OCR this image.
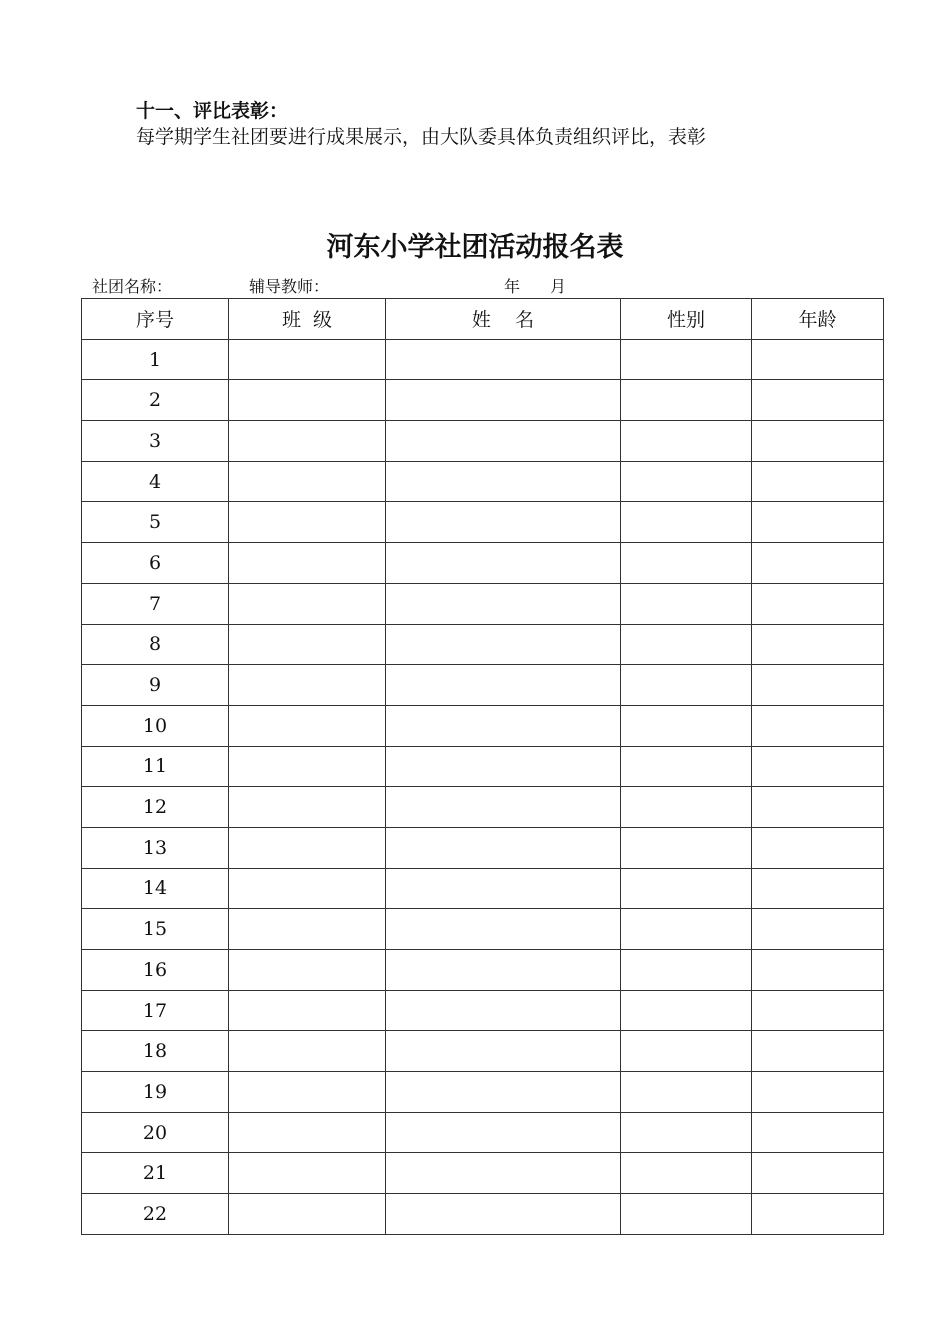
十一、评比表彰：
每学期学生社团要进行成果展示，由大队委具体负责组织评比，表彰
河东小学社团活动报名表
社团名称：	辅导教师：	年 月
序号	班  级	姓    名	性别	年龄
1				
2				
3				
4				
5				
6				
7				
8				
9				
10				
11				
12				
13				
14				
15				
16				
17				
18				
19				
20				
21				
22				
